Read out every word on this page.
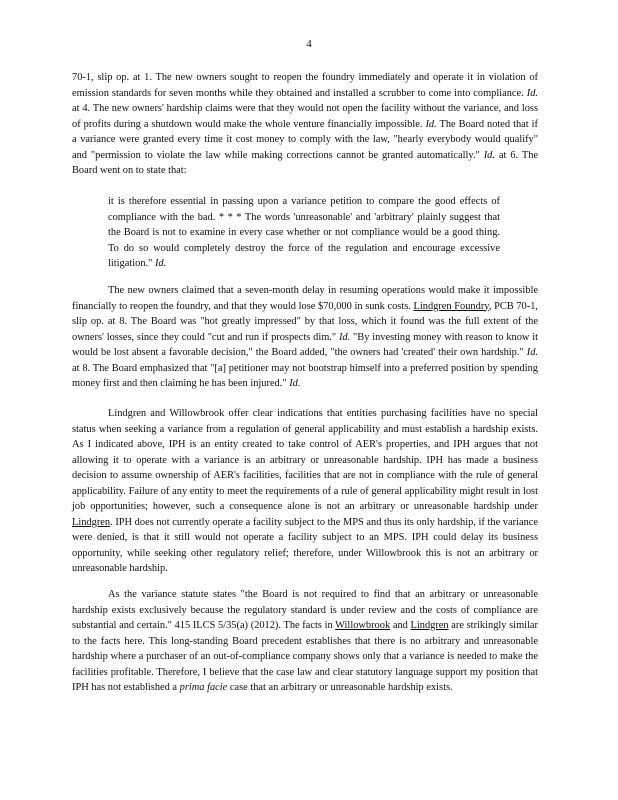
4

70-1, slip op. at 1. The new owners sought to reopen the foundry immediately and operate it in violation of emission standards for seven months while they obtained and installed a scrubber to come into compliance. Id. at 4. The new owners' hardship claims were that they would not open the facility without the variance, and loss of profits during a shutdown would make the whole venture financially impossible. Id. The Board noted that if a variance were granted every time it cost money to comply with the law, "hearly everybody would qualify" and "permission to violate the law while making corrections cannot be granted automatically." Id. at 6. The Board went on to state that:

it is therefore essential in passing upon a variance petition to compare the good effects of compliance with the bad. * * * The words 'unreasonable' and 'arbitrary' plainly suggest that the Board is not to examine in every case whether or not compliance would be a good thing. To do so would completely destroy the force of the regulation and encourage excessive litigation." Id.

The new owners claimed that a seven-month delay in resuming operations would make it impossible financially to reopen the foundry, and that they would lose $70,000 in sunk costs. Lindgren Foundry, PCB 70-1, slip op. at 8. The Board was "hot greatly impressed" by that loss, which it found was the full extent of the owners' losses, since they could "cut and run if prospects dim." Id. "By investing money with reason to know it would be lost absent a favorable decision," the Board added, "the owners had 'created' their own hardship." Id. at 8. The Board emphasized that "[a] petitioner may not bootstrap himself into a preferred position by spending money first and then claiming he has been injured." Id.

Lindgren and Willowbrook offer clear indications that entities purchasing facilities have no special status when seeking a variance from a regulation of general applicability and must establish a hardship exists. As I indicated above, IPH is an entity created to take control of AER's properties, and IPH argues that not allowing it to operate with a variance is an arbitrary or unreasonable hardship. IPH has made a business decision to assume ownership of AER's facilities, facilities that are not in compliance with the rule of general applicability. Failure of any entity to meet the requirements of a rule of general applicability might result in lost job opportunities; however, such a consequence alone is not an arbitrary or unreasonable hardship under Lindgren. IPH does not currently operate a facility subject to the MPS and thus its only hardship, if the variance were denied, is that it still would not operate a facility subject to an MPS. IPH could delay its business opportunity, while seeking other regulatory relief; therefore, under Willowbrook this is not an arbitrary or unreasonable hardship.

As the variance statute states "the Board is not required to find that an arbitrary or unreasonable hardship exists exclusively because the regulatory standard is under review and the costs of compliance are substantial and certain." 415 ILCS 5/35(a) (2012). The facts in Willowbrook and Lindgren are strikingly similar to the facts here. This long-standing Board precedent establishes that there is no arbitrary and unreasonable hardship where a purchaser of an out-of-compliance company shows only that a variance is needed to make the facilities profitable. Therefore, I believe that the case law and clear statutory language support my position that IPH has not established a prima facie case that an arbitrary or unreasonable hardship exists.
